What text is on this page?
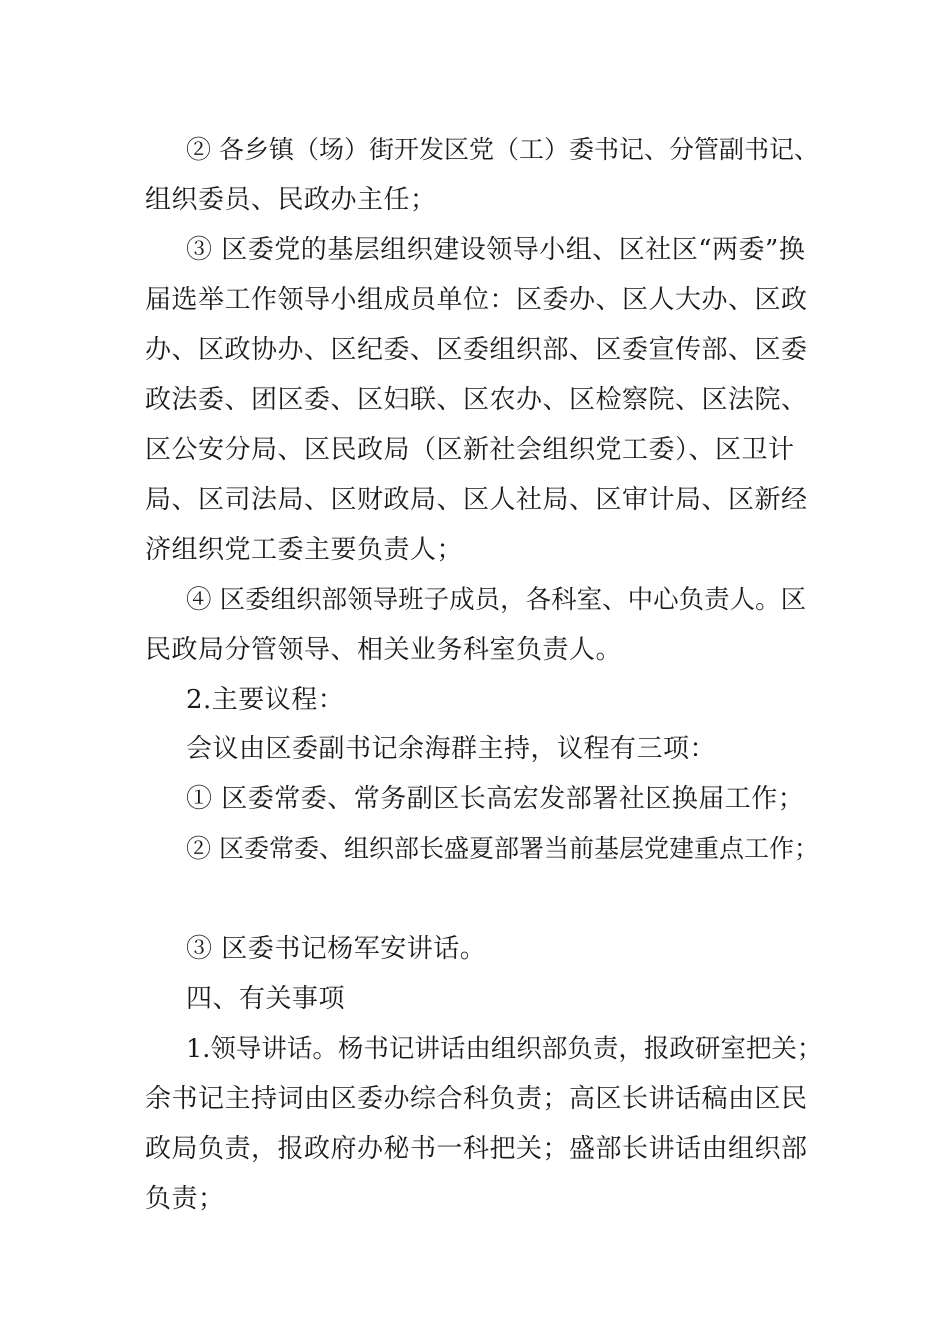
② 各乡镇（场）街开发区党（工）委书记、分管副书记、
组织委员、民政办主任；
③ 区委党的基层组织建设领导小组、区社区“两委”换
届选举工作领导小组成员单位：区委办、区人大办、区政
办、区政协办、区纪委、区委组织部、区委宣传部、区委
政法委、团区委、区妇联、区农办、区检察院、区法院、
区公安分局、区民政局（区新社会组织党工委）、区卫计
局、区司法局、区财政局、区人社局、区审计局、区新经
济组织党工委主要负责人；
④ 区委组织部领导班子成员，各科室、中心负责人。区
民政局分管领导、相关业务科室负责人。
2.主要议程：
会议由区委副书记余海群主持，议程有三项：
① 区委常委、常务副区长高宏发部署社区换届工作；
② 区委常委、组织部长盛夏部署当前基层党建重点工作；
③ 区委书记杨军安讲话。
四、有关事项
1.领导讲话。杨书记讲话由组织部负责，报政研室把关；
余书记主持词由区委办综合科负责；高区长讲话稿由区民
政局负责，报政府办秘书一科把关；盛部长讲话由组织部
负责；
